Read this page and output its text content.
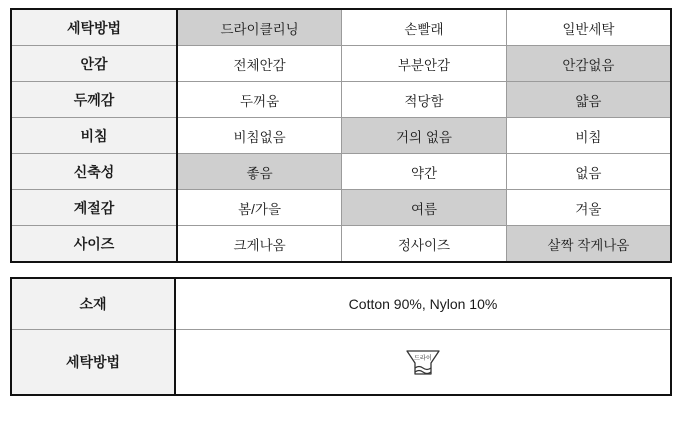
세탁방법	드라이클리닝	손빨래	일반세탁
안감	전체안감	부분안감	안감없음
두께감	두꺼움	적당함	얇음
비침	비침없음	거의 없음	비침
신축성	좋음	약간	없음
계절감	봄/가을	여름	겨울
사이즈	크게나옴	정사이즈	살짝 작게나옴
소재	Cotton 90%, Nylon 10%
세탁방법	드라이
